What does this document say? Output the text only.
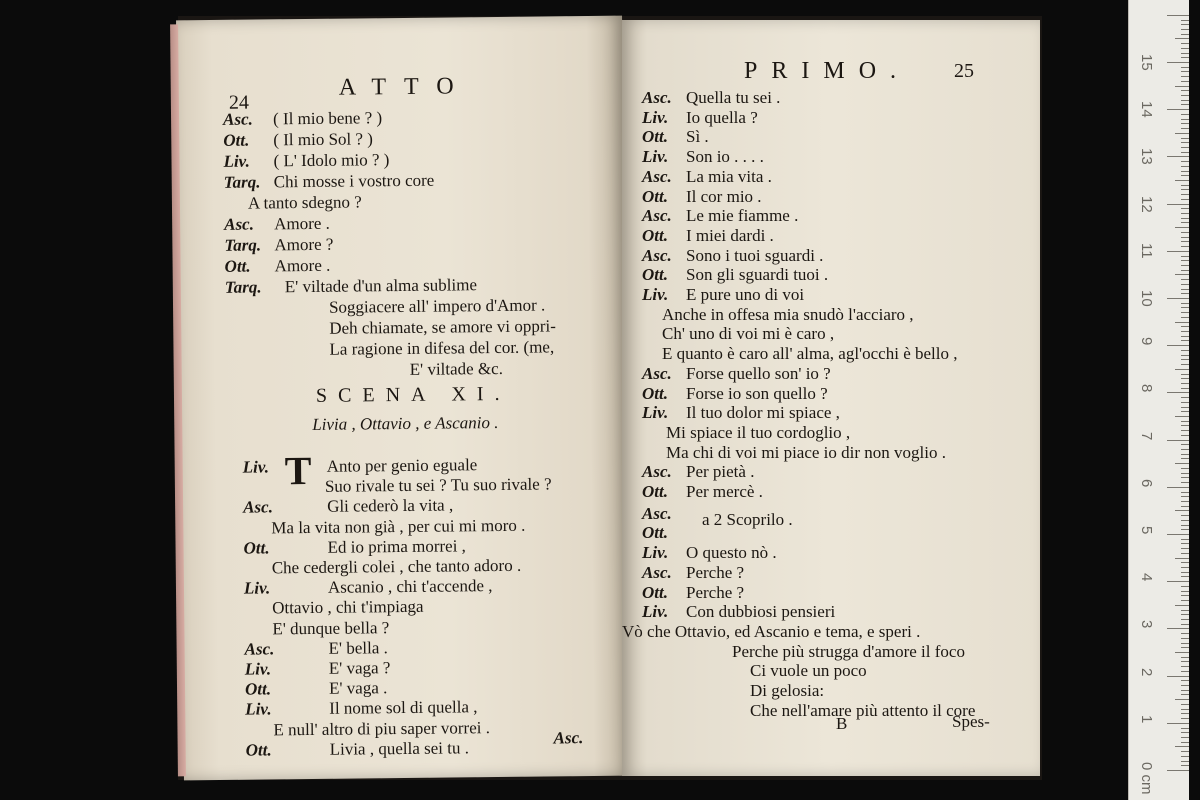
24
ATTO
Asc. ( Il mio bene ? )
Ott. ( Il mio Sol ? )
Liv. ( L' Idolo mio ? )
Tarq. Chi mosse i vostro core
A tanto sdegno ?
Asc. Amore .
Tarq. Amore ?
Ott. Amore .
Tarq. E' viltade d'un alma sublime
Soggiacere all' impero d'Amor .
Deh chiamate, se amore vi oppri-
La ragione in difesa del cor. (me,
E' viltade &c.
SCENA XI.
Livia , Ottavio , e Ascanio .
T
Liv.	Anto per genio eguale
Suo rivale tu sei ? Tu suo rivale ?
Asc.	Gli cederò la vita ,
Ma la vita non già , per cui mi moro .
Ott.	Ed io prima morrei ,
Che cedergli colei , che tanto adoro .
Liv.	Ascanio , chi t'accende ,
Ottavio , chi t'impiaga
E' dunque bella ?
Asc.	E' bella .
Liv.	E' vaga ?
Ott.	E' vaga .
Liv.	Il nome sol di quella ,
E null' altro di piu saper vorrei .
Ott.	Livia , quella sei tu .
Asc.
PRIMO. 25
Asc. Quella tu sei .
Liv. Io quella ?
Ott. Sì .
Liv. Son io . . . .
Asc. La mia vita .
Ott. Il cor mio .
Asc. Le mie fiamme .
Ott. I miei dardi .
Asc. Sono i tuoi sguardi .
Ott. Son gli sguardi tuoi .
Liv. E pure uno di voi
Anche in offesa mia snudò l'acciaro ,
Ch' uno di voi mi è caro ,
E quanto è caro all' alma, agl'occhi è bello ,
Asc. Forse quello son' io ?
Ott. Forse io son quello ?
Liv. Il tuo dolor mi spiace ,
Mi spiace il tuo cordoglio ,
Ma chi di voi mi piace io dir non voglio .
Asc. Per pietà .
Ott. Per mercè .
Asc.
Ott.
Liv. O questo nò .
Asc. Perche ?
Ott. Perche ?
Liv. Con dubbiosi pensieri
Vò che Ottavio, ed Ascanio e tema, e speri .
Perche più strugga d'amore il foco
Ci vuole un poco
Di gelosia:
Che nell'amare più attento il core
a 2 Scoprilo .
B	Spes-
0 cm
1
2
3
4
5
6
7
8
9
10
11
12
13
14
15
